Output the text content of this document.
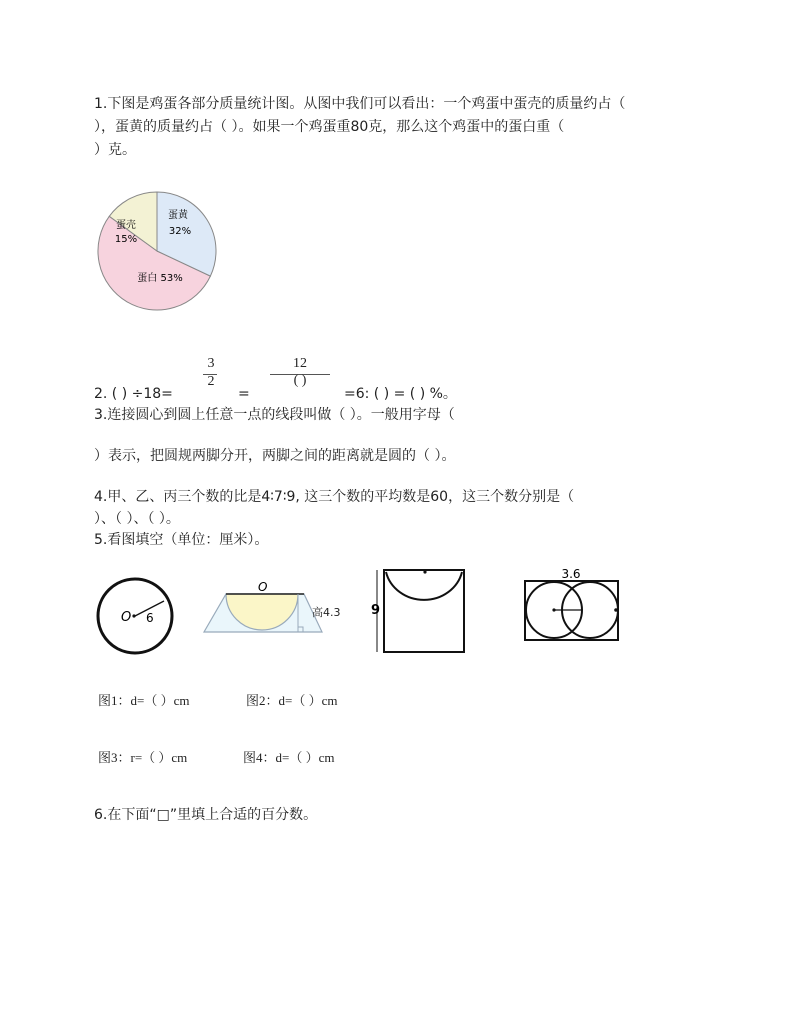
1.下图是鸡蛋各部分质量统计图。从图中我们可以看出：一个鸡蛋中蛋壳的质量约占（
），蛋黄的质量约占（ ）。如果一个鸡蛋重80克，那么这个鸡蛋中的蛋白重（
）克。
蛋壳
15%
蛋黄
32%
蛋白 53%
3
2
12
( )
2. ( ) ÷18=	=	=6: ( ) = ( ) %。
3.连接圆心到圆上任意一点的线段叫做（ ）。一般用字母（
）表示，把圆规两脚分开，两脚之间的距离就是圆的（ ）。
4.甲、乙、丙三个数的比是4∶7∶9, 这三个数的平均数是60，这三个数分别是（
）、（ ）、（ ）。
5.看图填空（单位：厘米）。
O 6
O
高4.3 9
3.6
图1：d=（ ）cm	图2：d=（ ）cm
图3：r=（ ）cm	图4：d=（ ）cm
6.在下面“□”里填上合适的百分数。
